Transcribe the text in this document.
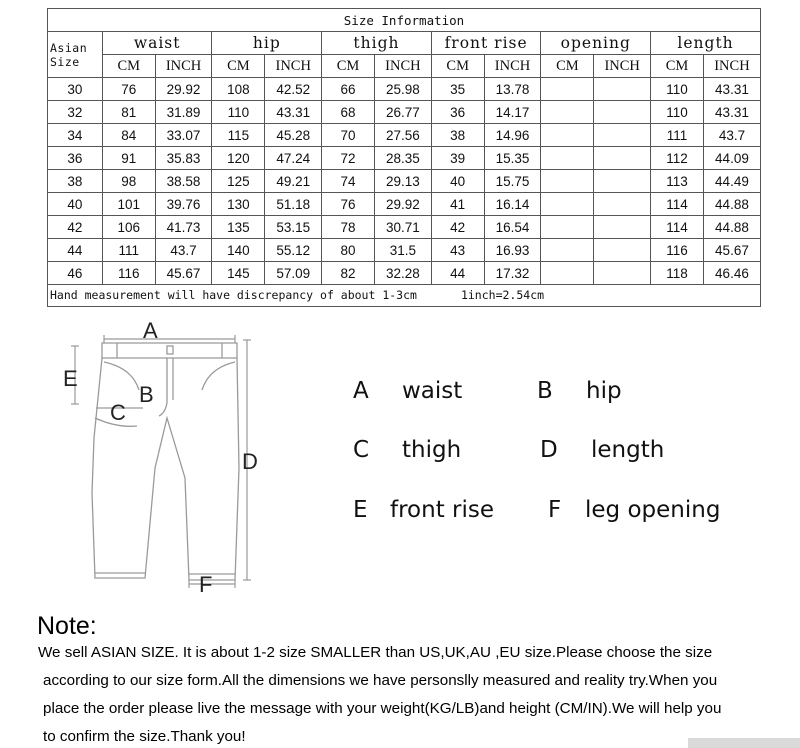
Size Information												
Asian
Size	waist		hip		thigh		front rise		opening		length	
	CM	INCH	CM	INCH	CM	INCH	CM	INCH	CM	INCH	CM	INCH
30	76	29.92	108	42.52	66	25.98	35	13.78			110	43.31
32	81	31.89	110	43.31	68	26.77	36	14.17			110	43.31
34	84	33.07	115	45.28	70	27.56	38	14.96			111	43.7
36	91	35.83	120	47.24	72	28.35	39	15.35			112	44.09
38	98	38.58	125	49.21	74	29.13	40	15.75			113	44.49
40	101	39.76	130	51.18	76	29.92	41	16.14			114	44.88
42	106	41.73	135	53.15	78	30.71	42	16.54			114	44.88
44	111	43.7	140	55.12	80	31.5	43	16.93			116	45.67
46	116	45.67	145	57.09	82	32.28	44	17.32			118	46.46
Hand measurement will have discrepancy of about 1-3cm 1inch=2.54cm												
A
E
B
C
D
F
A waist	B hip
C thigh	D length
E front rise F leg opening
Note:
We sell ASIAN SIZE. It is about 1-2 size SMALLER than US,UK,AU ,EU size.Please choose the size
according to our size form.All the dimensions we have personslly measured and reality try.When you
place the order please live the message with your weight(KG/LB)and height (CM/IN).We will help you
to confirm the size.Thank you!
